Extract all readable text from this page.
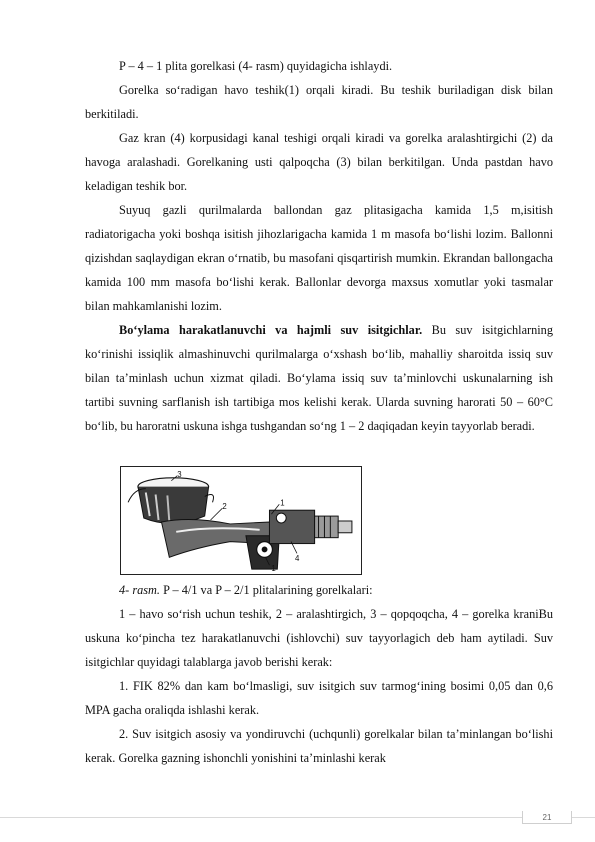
P – 4 – 1 plita gorelkasi (4- rasm) quyidagicha ishlaydi.

Gorelka so‘radigan havo teshik(1) orqali kiradi. Bu teshik buriladigan disk bilan berkitiladi.

Gaz kran (4) korpusidagi kanal teshigi orqali kiradi va gorelka aralashtirgichi (2) da havoga aralashadi. Gorelkaning usti qalpoqcha (3) bilan berkitilgan. Unda pastdan havo keladigan teshik bor.

Suyuq gazli qurilmalarda ballondan gaz plitasigacha kamida 1,5 m,isitish radiatorigacha yoki boshqa isitish jihozlarigacha kamida 1 m masofa bo‘lishi lozim. Ballonni qizishdan saqlaydigan ekran o‘rnatib, bu masofani qisqartirish mumkin. Ekrandan ballongacha kamida 100 mm masofa bo‘lishi kerak. Ballonlar devorga maxsus xomutlar yoki tasmalar bilan mahkamlanishi lozim.

Bo‘ylama harakatlanuvchi va hajmli suv isitgichlar. Bu suv isitgichlarning ko‘rinishi issiqlik almashinuvchi qurilmalarga o‘xshash bo‘lib, mahalliy sharoitda issiq suv bilan ta’minlash uchun xizmat qiladi. Bo‘ylama issiq suv ta’minlovchi uskunalarning ish tartibi suvning sarflanish ish tartibiga mos kelishi kerak. Ularda suvning harorati 50 – 60°C bo‘lib, bu haroratni uskuna ishga tushgandan so‘ng 1 – 2 daqiqadan keyin tayyorlab beradi.

3
2	1
4
1

4- rasm. P – 4/1 va P – 2/1 plitalarining gorelkalari:

1 – havo so‘rish uchun teshik, 2 – aralashtirgich, 3 – qopqoqcha, 4 – gorelka kraniBu uskuna ko‘pincha tez harakatlanuvchi (ishlovchi) suv tayyorlagich deb ham aytiladi. Suv isitgichlar quyidagi talablarga javob berishi kerak:

1. FIK 82% dan kam bo‘lmasligi, suv isitgich suv tarmog‘ining bosimi 0,05 dan 0,6 MPA gacha oraliqda ishlashi kerak.

2. Suv isitgich asosiy va yondiruvchi (uchqunli) gorelkalar bilan ta’minlangan bo‘lishi kerak. Gorelka gazning ishonchli yonishini ta’minlashi kerak

21
